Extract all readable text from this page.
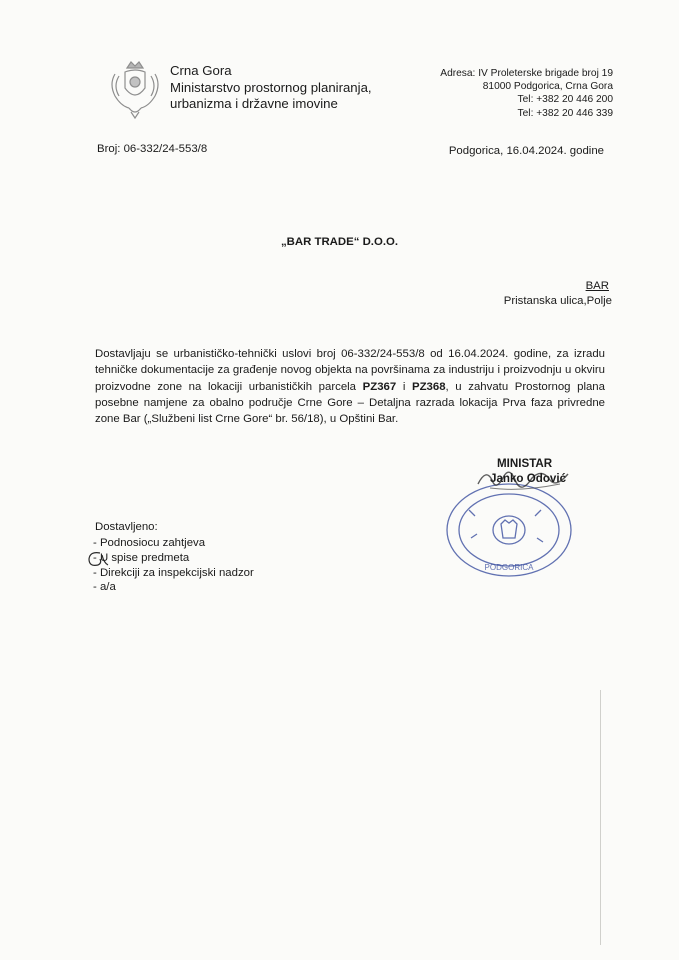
Crna Gora
Ministarstvo prostornog planiranja,
urbanizma i državne imovine
Adresa: IV Proleterske brigade broj 19
81000 Podgorica, Crna Gora
Tel: +382 20 446 200
Tel: +382 20 446 339
Broj: 06-332/24-553/8	Podgorica, 16.04.2024. godine
„BAR TRADE“ D.O.O.
BAR
Pristanska ulica,Polje
Dostavljaju se urbanističko-tehnički uslovi broj 06-332/24-553/8 od 16.04.2024. godine, za izradu tehničke dokumentacije za građenje novog objekta na površinama za industriju i proizvodnju u okviru proizvodne zone na lokaciji urbanističkih parcela PZ367 i PZ368, u zahvatu Prostornog plana posebne namjene za obalno područje Crne Gore – Detaljna razrada lokacija Prva faza privredne zone Bar („Službeni list Crne Gore“ br. 56/18), u Opštini Bar.
PODGORICA
MINISTAR
Janko Odović
Dostavljeno:
- Podnosiocu zahtjeva
- U spise predmeta
- Direkciji za inspekcijski nadzor
- a/a
